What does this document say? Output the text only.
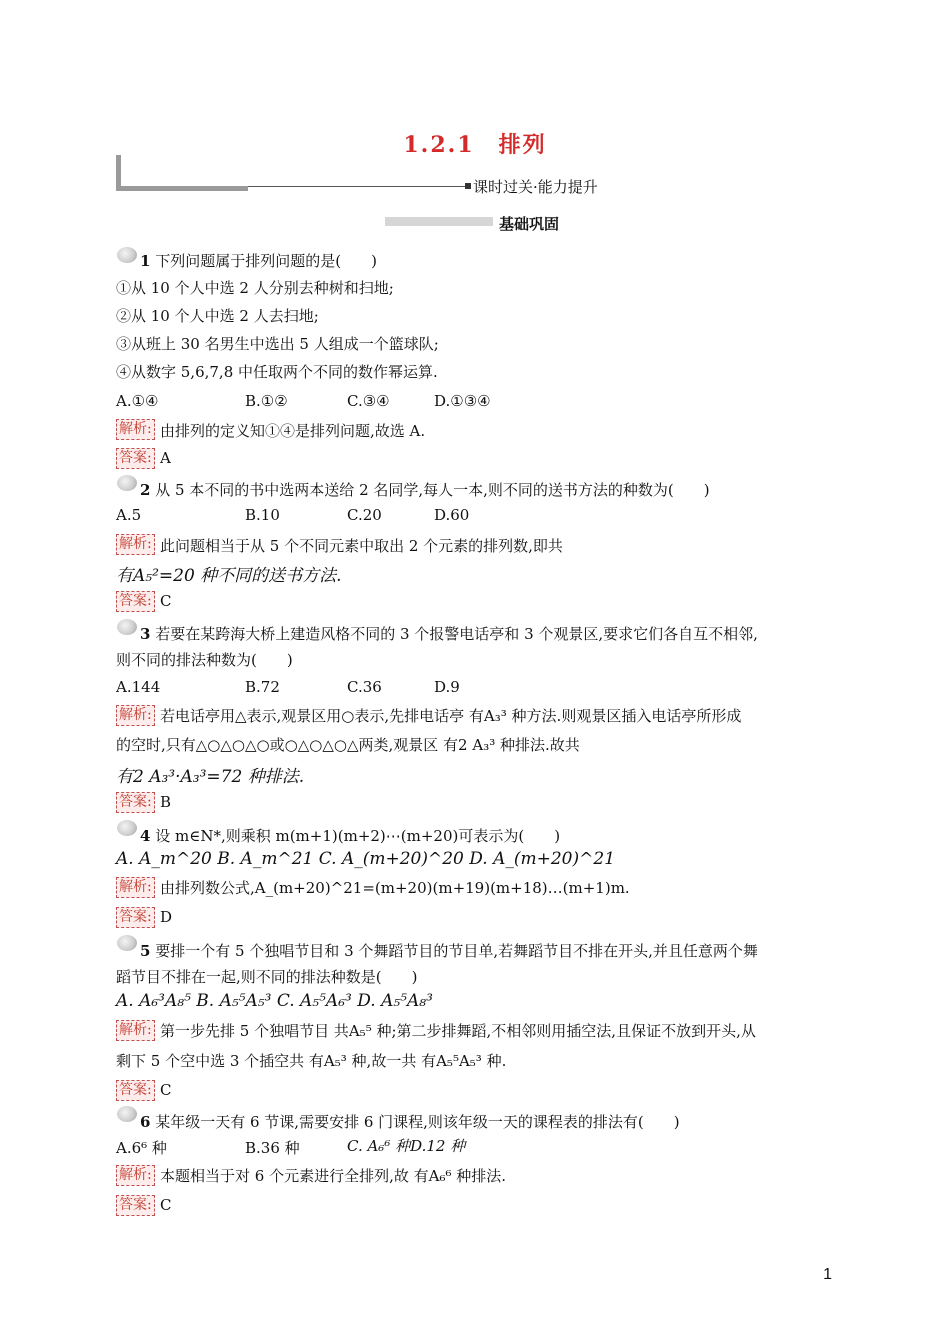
1.2.1　排列
课时过关·能力提升
基础巩固
1 下列问题属于排列问题的是(　　)
①从 10 个人中选 2 人分别去种树和扫地;
②从 10 个人中选 2 人去扫地;
③从班上 30 名男生中选出 5 人组成一个篮球队;
④从数字 5,6,7,8 中任取两个不同的数作幂运算.
A.①④	B.①②	C.③④	D.①③④
解析: 由排列的定义知①④是排列问题,故选 A.
答案: A
2 从 5 本不同的书中选两本送给 2 名同学,每人一本,则不同的送书方法的种数为(　　)
A.5	B.10	C.20	D.60
解析: 此问题相当于从 5 个不同元素中取出 2 个元素的排列数,即共
有A₅²=20 种不同的送书方法.
答案: C
3 若要在某跨海大桥上建造风格不同的 3 个报警电话亭和 3 个观景区,要求它们各自互不相邻,
则不同的排法种数为(　　)
A.144	B.72	C.36	D.9
解析: 若电话亭用△表示,观景区用○表示,先排电话亭 有A₃³ 种方法.则观景区插入电话亭所形成
的空时,只有△○△○△○或○△○△○△两类,观景区 有2 A₃³ 种排法.故共
有2 A₃³·A₃³=72 种排法.
答案: B
4 设 m∈N*,则乘积 m(m+1)(m+2)⋯(m+20)可表示为(　　)
A. A_m^20 B. A_m^21 C. A_(m+20)^20 D. A_(m+20)^21
解析: 由排列数公式,A_(m+20)^21=(m+20)(m+19)(m+18)…(m+1)m.
答案: D
5 要排一个有 5 个独唱节目和 3 个舞蹈节目的节目单,若舞蹈节目不排在开头,并且任意两个舞
蹈节目不排在一起,则不同的排法种数是(　　)
A. A₆³A₈⁵ B. A₅⁵A₅³ C. A₅⁵A₆³ D. A₅⁵A₈³
解析: 第一步先排 5 个独唱节目 共A₅⁵ 种;第二步排舞蹈,不相邻则用插空法,且保证不放到开头,从
剩下 5 个空中选 3 个插空共 有A₅³ 种,故一共 有A₅⁵A₅³ 种.
答案: C
6 某年级一天有 6 节课,需要安排 6 门课程,则该年级一天的课程表的排法有(　　)
A.6⁶ 种	B.36 种	C. A₆⁶ 种D.12 种
解析: 本题相当于对 6 个元素进行全排列,故 有A₆⁶ 种排法.
答案: C
1
